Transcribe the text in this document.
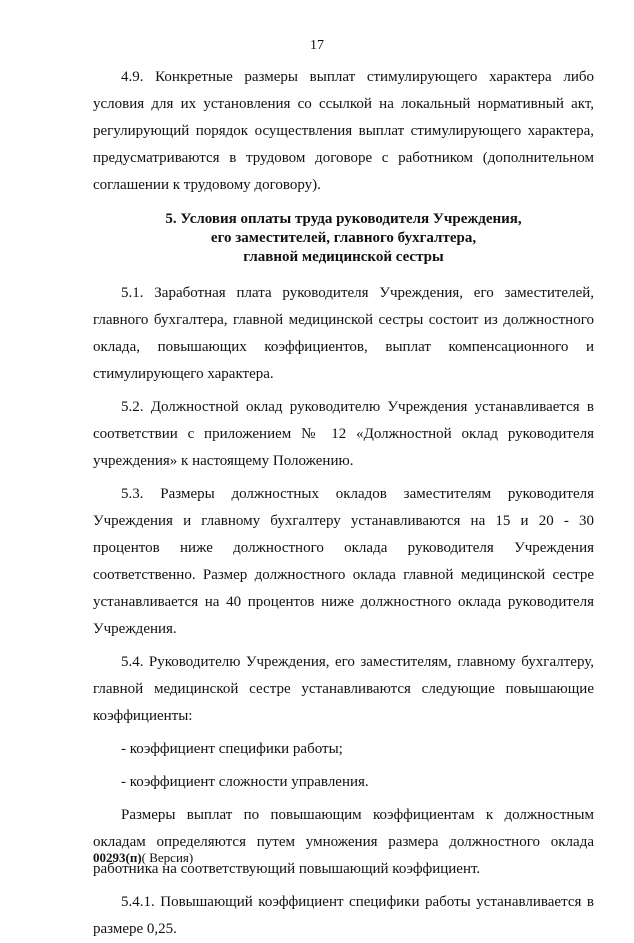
17

4.9. Конкретные размеры выплат стимулирующего характера либо условия для их установления со ссылкой на локальный нормативный акт, регулирующий порядок осуществления выплат стимулирующего характера, предусматриваются в трудовом договоре с работником (дополнительном соглашении к трудовому договору).

5. Условия оплаты труда руководителя Учреждения,
его заместителей, главного бухгалтера,
главной медицинской сестры

5.1. Заработная плата руководителя Учреждения, его заместителей, главного бухгалтера, главной медицинской сестры состоит из должностного оклада, повышающих коэффициентов, выплат компенсационного и стимулирующего характера.

5.2. Должностной оклад руководителю Учреждения устанавливается в соответствии с приложением № 12 «Должностной оклад руководителя учреждения» к настоящему Положению.

5.3. Размеры должностных окладов заместителям руководителя Учреждения и главному бухгалтеру устанавливаются на 15 и 20 - 30 процентов ниже должностного оклада руководителя Учреждения соответственно. Размер должностного оклада главной медицинской сестре устанавливается на 40 процентов ниже должностного оклада руководителя Учреждения.

5.4. Руководителю Учреждения, его заместителям, главному бухгалтеру, главной медицинской сестре устанавливаются следующие повышающие коэффициенты:

- коэффициент специфики работы;

- коэффициент сложности управления.

Размеры выплат по повышающим коэффициентам к должностным окладам определяются путем умножения размера должностного оклада работника на соответствующий повышающий коэффициент.

5.4.1. Повышающий коэффициент специфики работы устанавливается в размере 0,25.

00293(п)( Версия)
